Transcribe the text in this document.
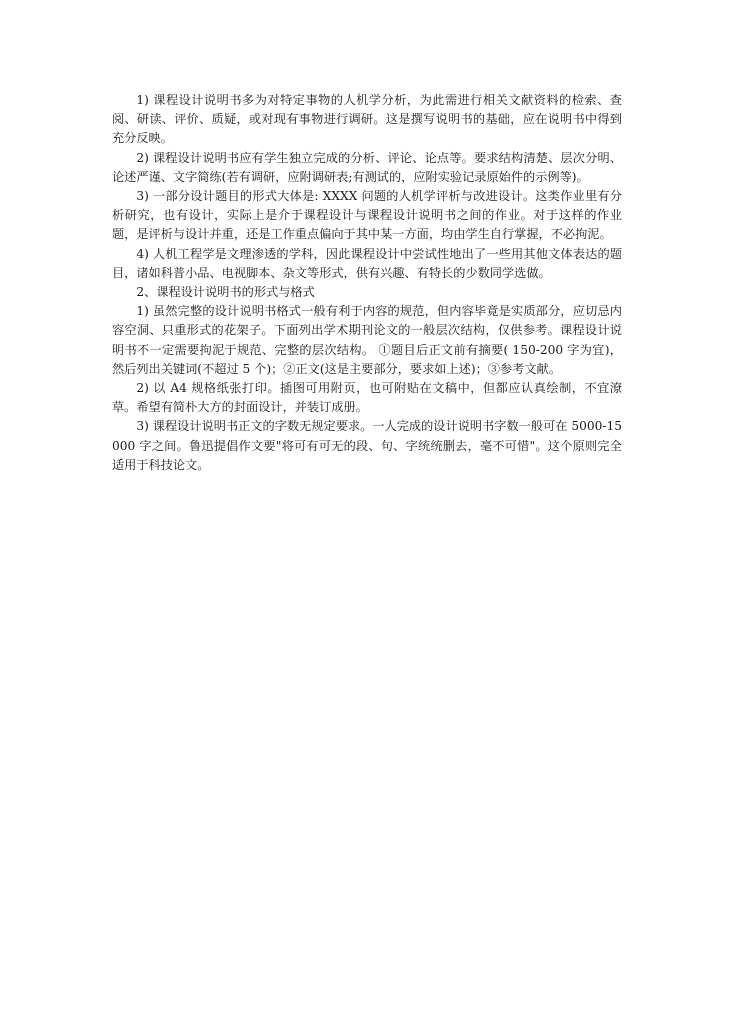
1) 课程设计说明书多为对特定事物的人机学分析，为此需进行相关文献资料的检索、查阅、研读、评价、质疑，或对现有事物进行调研。这是撰写说明书的基础，应在说明书中得到充分反映。

2) 课程设计说明书应有学生独立完成的分析、评论、论点等。要求结构清楚、层次分明、论述严谨、文字简练(若有调研，应附调研表;有测试的，应附实验记录原始件的示例等)。

3) 一部分设计题目的形式大体是: XXXX 问题的人机学评析与改进设计。这类作业里有分析研究，也有设计，实际上是介于课程设计与课程设计说明书之间的作业。对于这样的作业题，是评析与设计并重，还是工作重点偏向于其中某一方面，均由学生自行掌握，不必拘泥。

4) 人机工程学是文理渗透的学科，因此课程设计中尝试性地出了一些用其他文体表达的题目，诸如科普小品、电视脚本、杂文等形式，供有兴趣、有特长的少数同学选做。

2、课程设计说明书的形式与格式

1) 虽然完整的设计说明书格式一般有利于内容的规范，但内容毕竟是实质部分，应切忌内容空洞、只重形式的花架子。下面列出学术期刊论文的一般层次结构，仅供参考。课程设计说明书不一定需要拘泥于规范、完整的层次结构。 ①题目后正文前有摘要( 150-200 字为宜)，然后列出关键词(不超过 5 个)；②正文(这是主要部分，要求如上述)；③参考文献。

2) 以 A4 规格纸张打印。插图可用附页，也可附贴在文稿中，但都应认真绘制，不宜潦草。希望有简朴大方的封面设计，并装订成册。

3) 课程设计说明书正文的字数无规定要求。一人完成的设计说明书字数一般可在 5000-15000 字之间。鲁迅提倡作文要"将可有可无的段、句、字统统删去，毫不可惜"。这个原则完全适用于科技论文。
